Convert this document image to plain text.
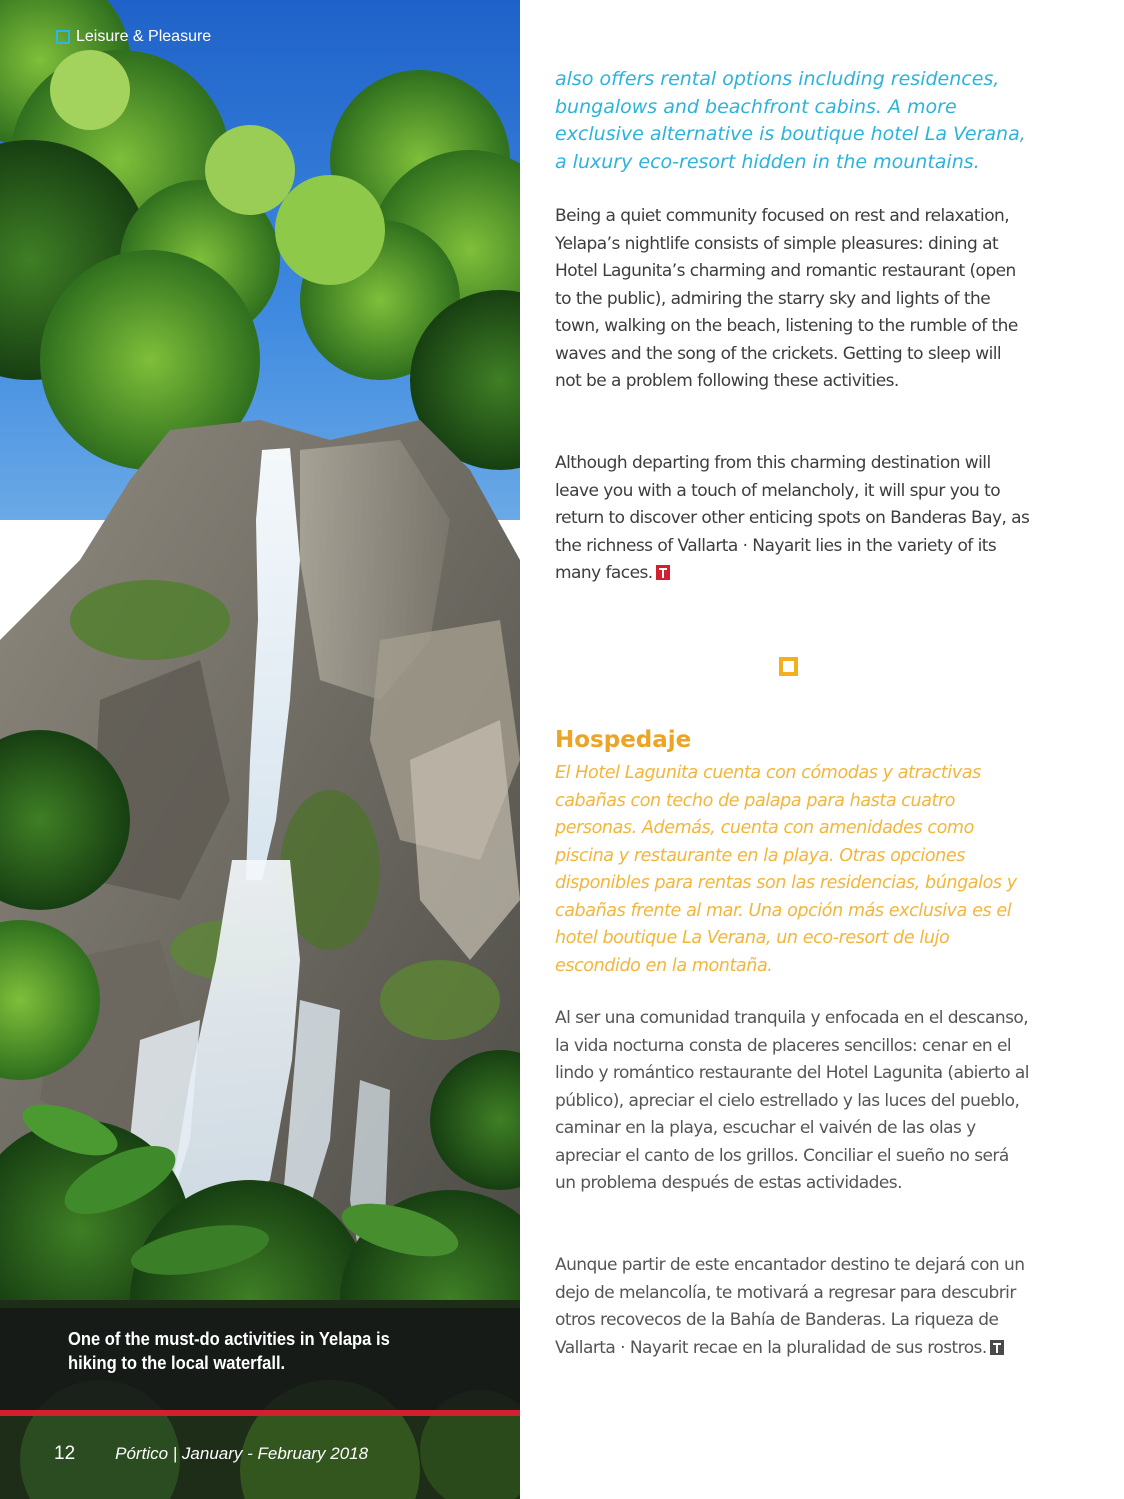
Leisure & Pleasure
One of the must-do activities in Yelapa is hiking to the local waterfall.
12 Pórtico | January - February 2018
also offers rental options including residences, bungalows and beachfront cabins. A more exclusive alternative is boutique hotel La Verana, a luxury eco-resort hidden in the mountains.

Being a quiet community focused on rest and relaxation, Yelapa’s nightlife consists of simple pleasures: dining at Hotel Lagunita’s charming and romantic restaurant (open to the public), admiring the starry sky and lights of the town, walking on the beach, listening to the rumble of the waves and the song of the crickets. Getting to sleep will not be a problem following these activities.

Although departing from this charming destination will leave you with a touch of melancholy, it will spur you to return to discover other enticing spots on Banderas Bay, as the richness of Vallarta · Nayarit lies in the variety of its many faces.

Hospedaje
El Hotel Lagunita cuenta con cómodas y atractivas cabañas con techo de palapa para hasta cuatro personas. Además, cuenta con amenidades como piscina y restaurante en la playa. Otras opciones disponibles para rentas son las residencias, búngalos y cabañas frente al mar. Una opción más exclusiva es el hotel boutique La Verana, un eco-resort de lujo escondido en la montaña.

Al ser una comunidad tranquila y enfocada en el descanso, la vida nocturna consta de placeres sencillos: cenar en el lindo y romántico restaurante del Hotel Lagunita (abierto al público), apreciar el cielo estrellado y las luces del pueblo, caminar en la playa, escuchar el vaivén de las olas y apreciar el canto de los grillos. Conciliar el sueño no será un problema después de estas actividades.

Aunque partir de este encantador destino te dejará con un dejo de melancolía, te motivará a regresar para descubrir otros recovecos de la Bahía de Banderas. La riqueza de Vallarta · Nayarit recae en la pluralidad de sus rostros.
